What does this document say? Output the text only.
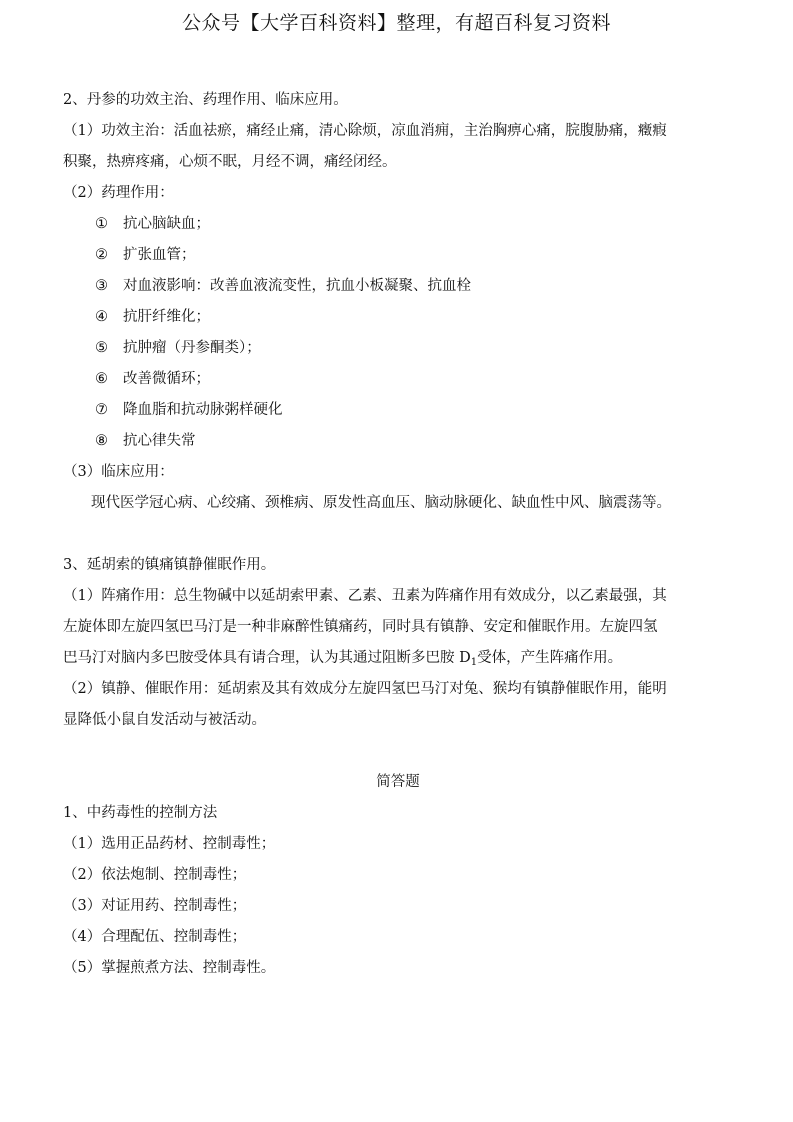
公众号【大学百科资料】整理，有超百科复习资料

2、丹参的功效主治、药理作用、临床应用。

（1）功效主治：活血祛瘀，痛经止痛，清心除烦，凉血消痈，主治胸痹心痛，脘腹胁痛，癥瘕

积聚，热痹疼痛，心烦不眠，月经不调，痛经闭经。

（2）药理作用：

① 抗心脑缺血；

② 扩张血管；

③ 对血液影响：改善血液流变性，抗血小板凝聚、抗血栓

④ 抗肝纤维化；

⑤ 抗肿瘤（丹参酮类）；

⑥ 改善微循环；

⑦ 降血脂和抗动脉粥样硬化

⑧ 抗心律失常

（3）临床应用：

现代医学冠心病、心绞痛、颈椎病、原发性高血压、脑动脉硬化、缺血性中风、脑震荡等。

3、延胡索的镇痛镇静催眠作用。

（1）阵痛作用：总生物碱中以延胡索甲素、乙素、丑素为阵痛作用有效成分，以乙素最强，其

左旋体即左旋四氢巴马汀是一种非麻醉性镇痛药，同时具有镇静、安定和催眠作用。左旋四氢

巴马汀对脑内多巴胺受体具有请合理，认为其通过阻断多巴胺 $D_1$受体，产生阵痛作用。

（2）镇静、催眠作用：延胡索及其有效成分左旋四氢巴马汀对兔、猴均有镇静催眠作用，能明

显降低小鼠自发活动与被活动。

简答题

1、中药毒性的控制方法

（1）选用正品药材、控制毒性；

（2）依法炮制、控制毒性；

（3）对证用药、控制毒性；

（4）合理配伍、控制毒性；

（5）掌握煎煮方法、控制毒性。
